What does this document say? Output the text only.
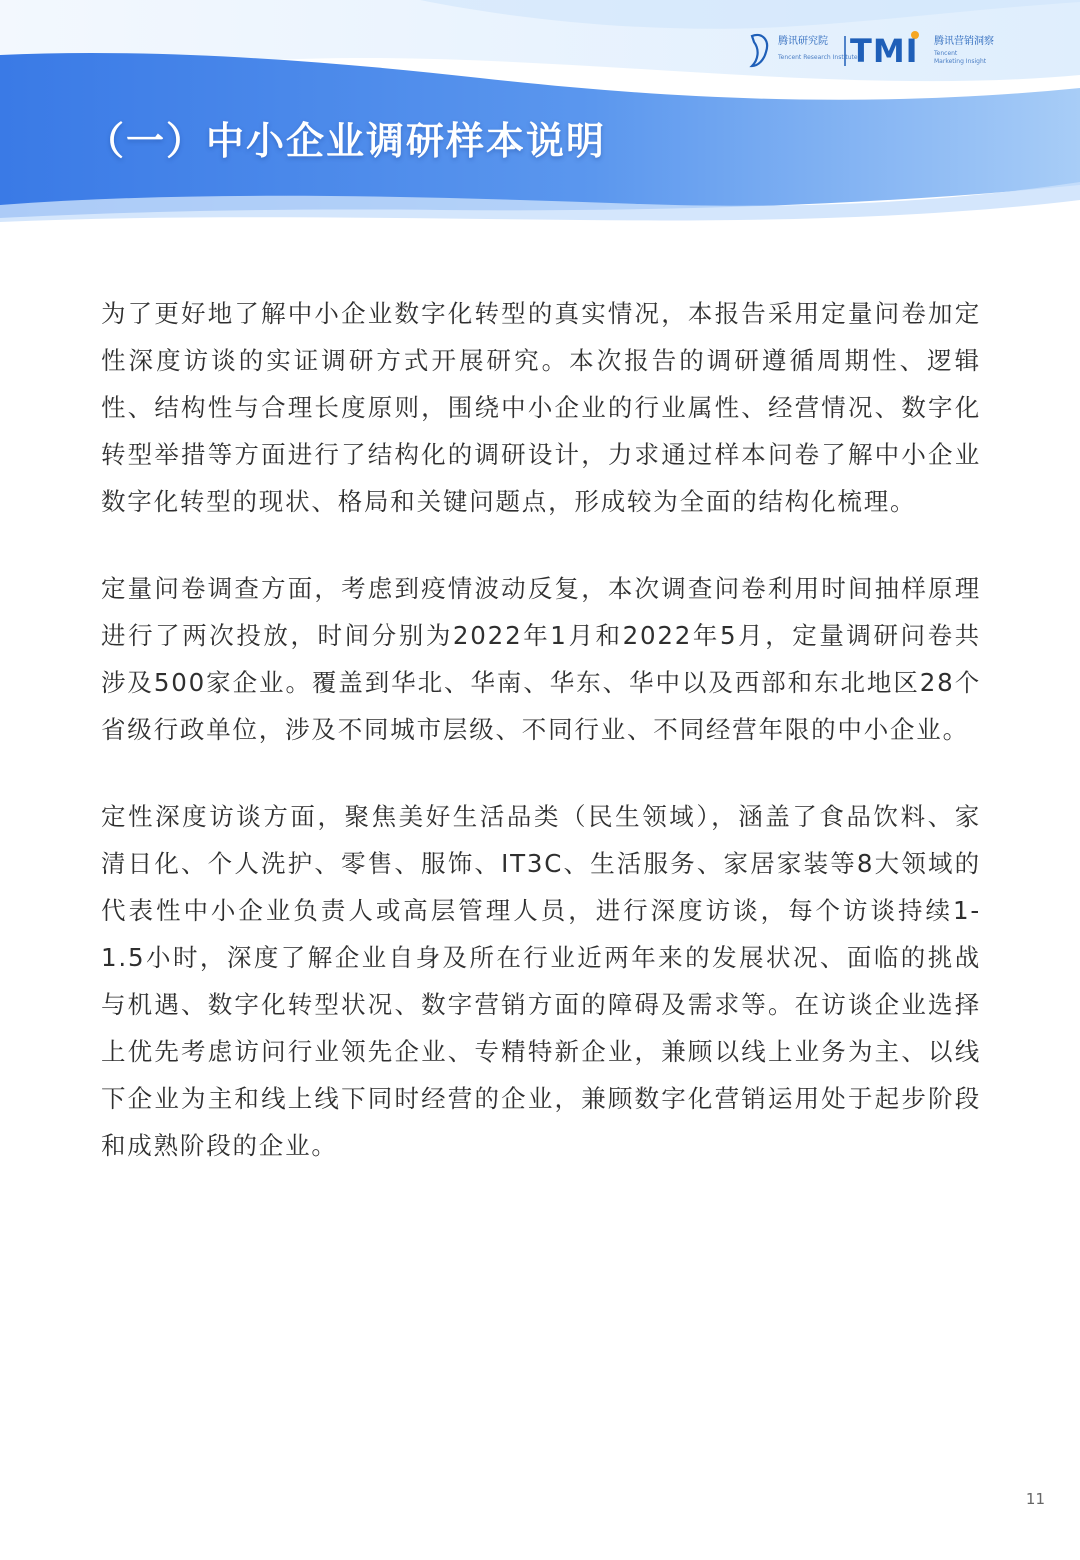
（一）中小企业调研样本说明
腾讯研究院
Tencent Research Institute
TMI 腾讯营销洞察
Tencent
Marketing Insight

为了更好地了解中小企业数字化转型的真实情况，本报告采用定量问卷加定性深度访谈的实证调研方式开展研究。本次报告的调研遵循周期性、逻辑性、结构性与合理长度原则，围绕中小企业的行业属性、经营情况、数字化转型举措等方面进行了结构化的调研设计，力求通过样本问卷了解中小企业数字化转型的现状、格局和关键问题点，形成较为全面的结构化梳理。

定量问卷调查方面，考虑到疫情波动反复，本次调查问卷利用时间抽样原理进行了两次投放，时间分别为2022年1月和2022年5月，定量调研问卷共涉及500家企业。覆盖到华北、华南、华东、华中以及西部和东北地区28个省级行政单位，涉及不同城市层级、不同行业、不同经营年限的中小企业。

定性深度访谈方面，聚焦美好生活品类（民生领域），涵盖了食品饮料、家清日化、个人洗护、零售、服饰、IT3C、生活服务、家居家装等8大领域的代表性中小企业负责人或高层管理人员，进行深度访谈，每个访谈持续1-1.5小时，深度了解企业自身及所在行业近两年来的发展状况、面临的挑战与机遇、数字化转型状况、数字营销方面的障碍及需求等。在访谈企业选择上优先考虑访问行业领先企业、专精特新企业，兼顾以线上业务为主、以线下企业为主和线上线下同时经营的企业，兼顾数字化营销运用处于起步阶段和成熟阶段的企业。

11
